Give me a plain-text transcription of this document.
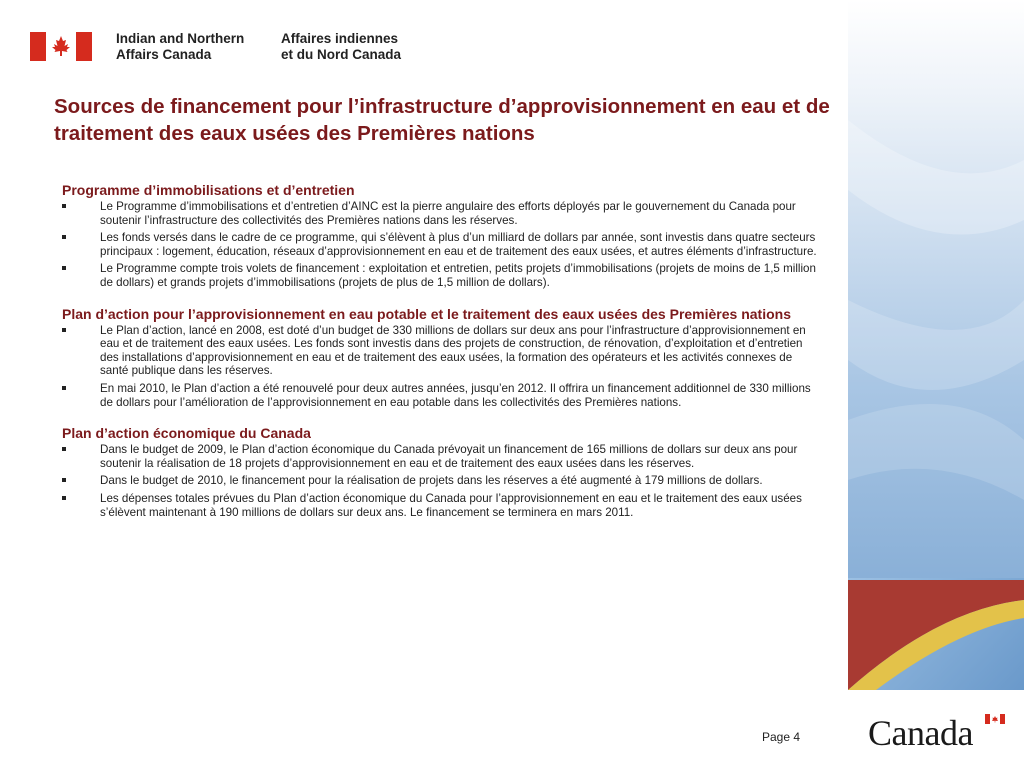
Indian and Northern
Affairs Canada
Affaires indiennes
et du Nord Canada
Sources de financement pour l’infrastructure d’approvisionnement en eau et de traitement des eaux usées des Premières nations
Programme d’immobilisations et d’entretien
Le Programme d’immobilisations et d’entretien d’AINC est la pierre angulaire des efforts déployés par le gouvernement du Canada pour soutenir l’infrastructure des collectivités des Premières nations dans les réserves.
Les fonds versés dans le cadre de ce programme, qui s’élèvent à plus d’un milliard de dollars par année, sont investis dans quatre secteurs principaux : logement, éducation, réseaux d’approvisionnement en eau et de traitement des eaux usées, et autres éléments d’infrastructure.
Le Programme compte trois volets de financement : exploitation et entretien, petits projets d’immobilisations (projets de moins de 1,5 million de dollars) et grands projets d’immobilisations (projets de plus de 1,5 million de dollars).
Plan d’action pour l’approvisionnement en eau potable et le traitement des eaux usées des Premières nations
Le Plan d’action, lancé en 2008, est doté d’un budget de 330 millions de dollars sur deux ans pour l’infrastructure d’approvisionnement en eau et de traitement des eaux usées. Les fonds sont investis dans des projets de construction, de rénovation, d’exploitation et d’entretien des installations d’approvisionnement en eau et de traitement des eaux usées, la formation des opérateurs et les activités connexes de santé publique dans les réserves.
En mai 2010, le Plan d’action a été renouvelé pour deux autres années, jusqu’en 2012. Il offrira un financement additionnel de 330 millions de dollars pour l’amélioration de l’approvisionnement en eau potable dans les collectivités des Premières nations.
Plan d’action économique du Canada
Dans le budget de 2009, le Plan d’action économique du Canada prévoyait un financement de 165 millions de dollars sur deux ans pour soutenir la réalisation de 18 projets d’approvisionnement en eau et de traitement des eaux usées dans les réserves.
Dans le budget de 2010, le financement pour la réalisation de projets dans les réserves a été augmenté à 179 millions de dollars.
Les dépenses totales prévues du Plan d’action économique du Canada pour l’approvisionnement en eau et le traitement des eaux usées s’élèvent maintenant à 190 millions de dollars sur deux ans. Le financement se terminera en mars 2011.
Page 4 Canada
